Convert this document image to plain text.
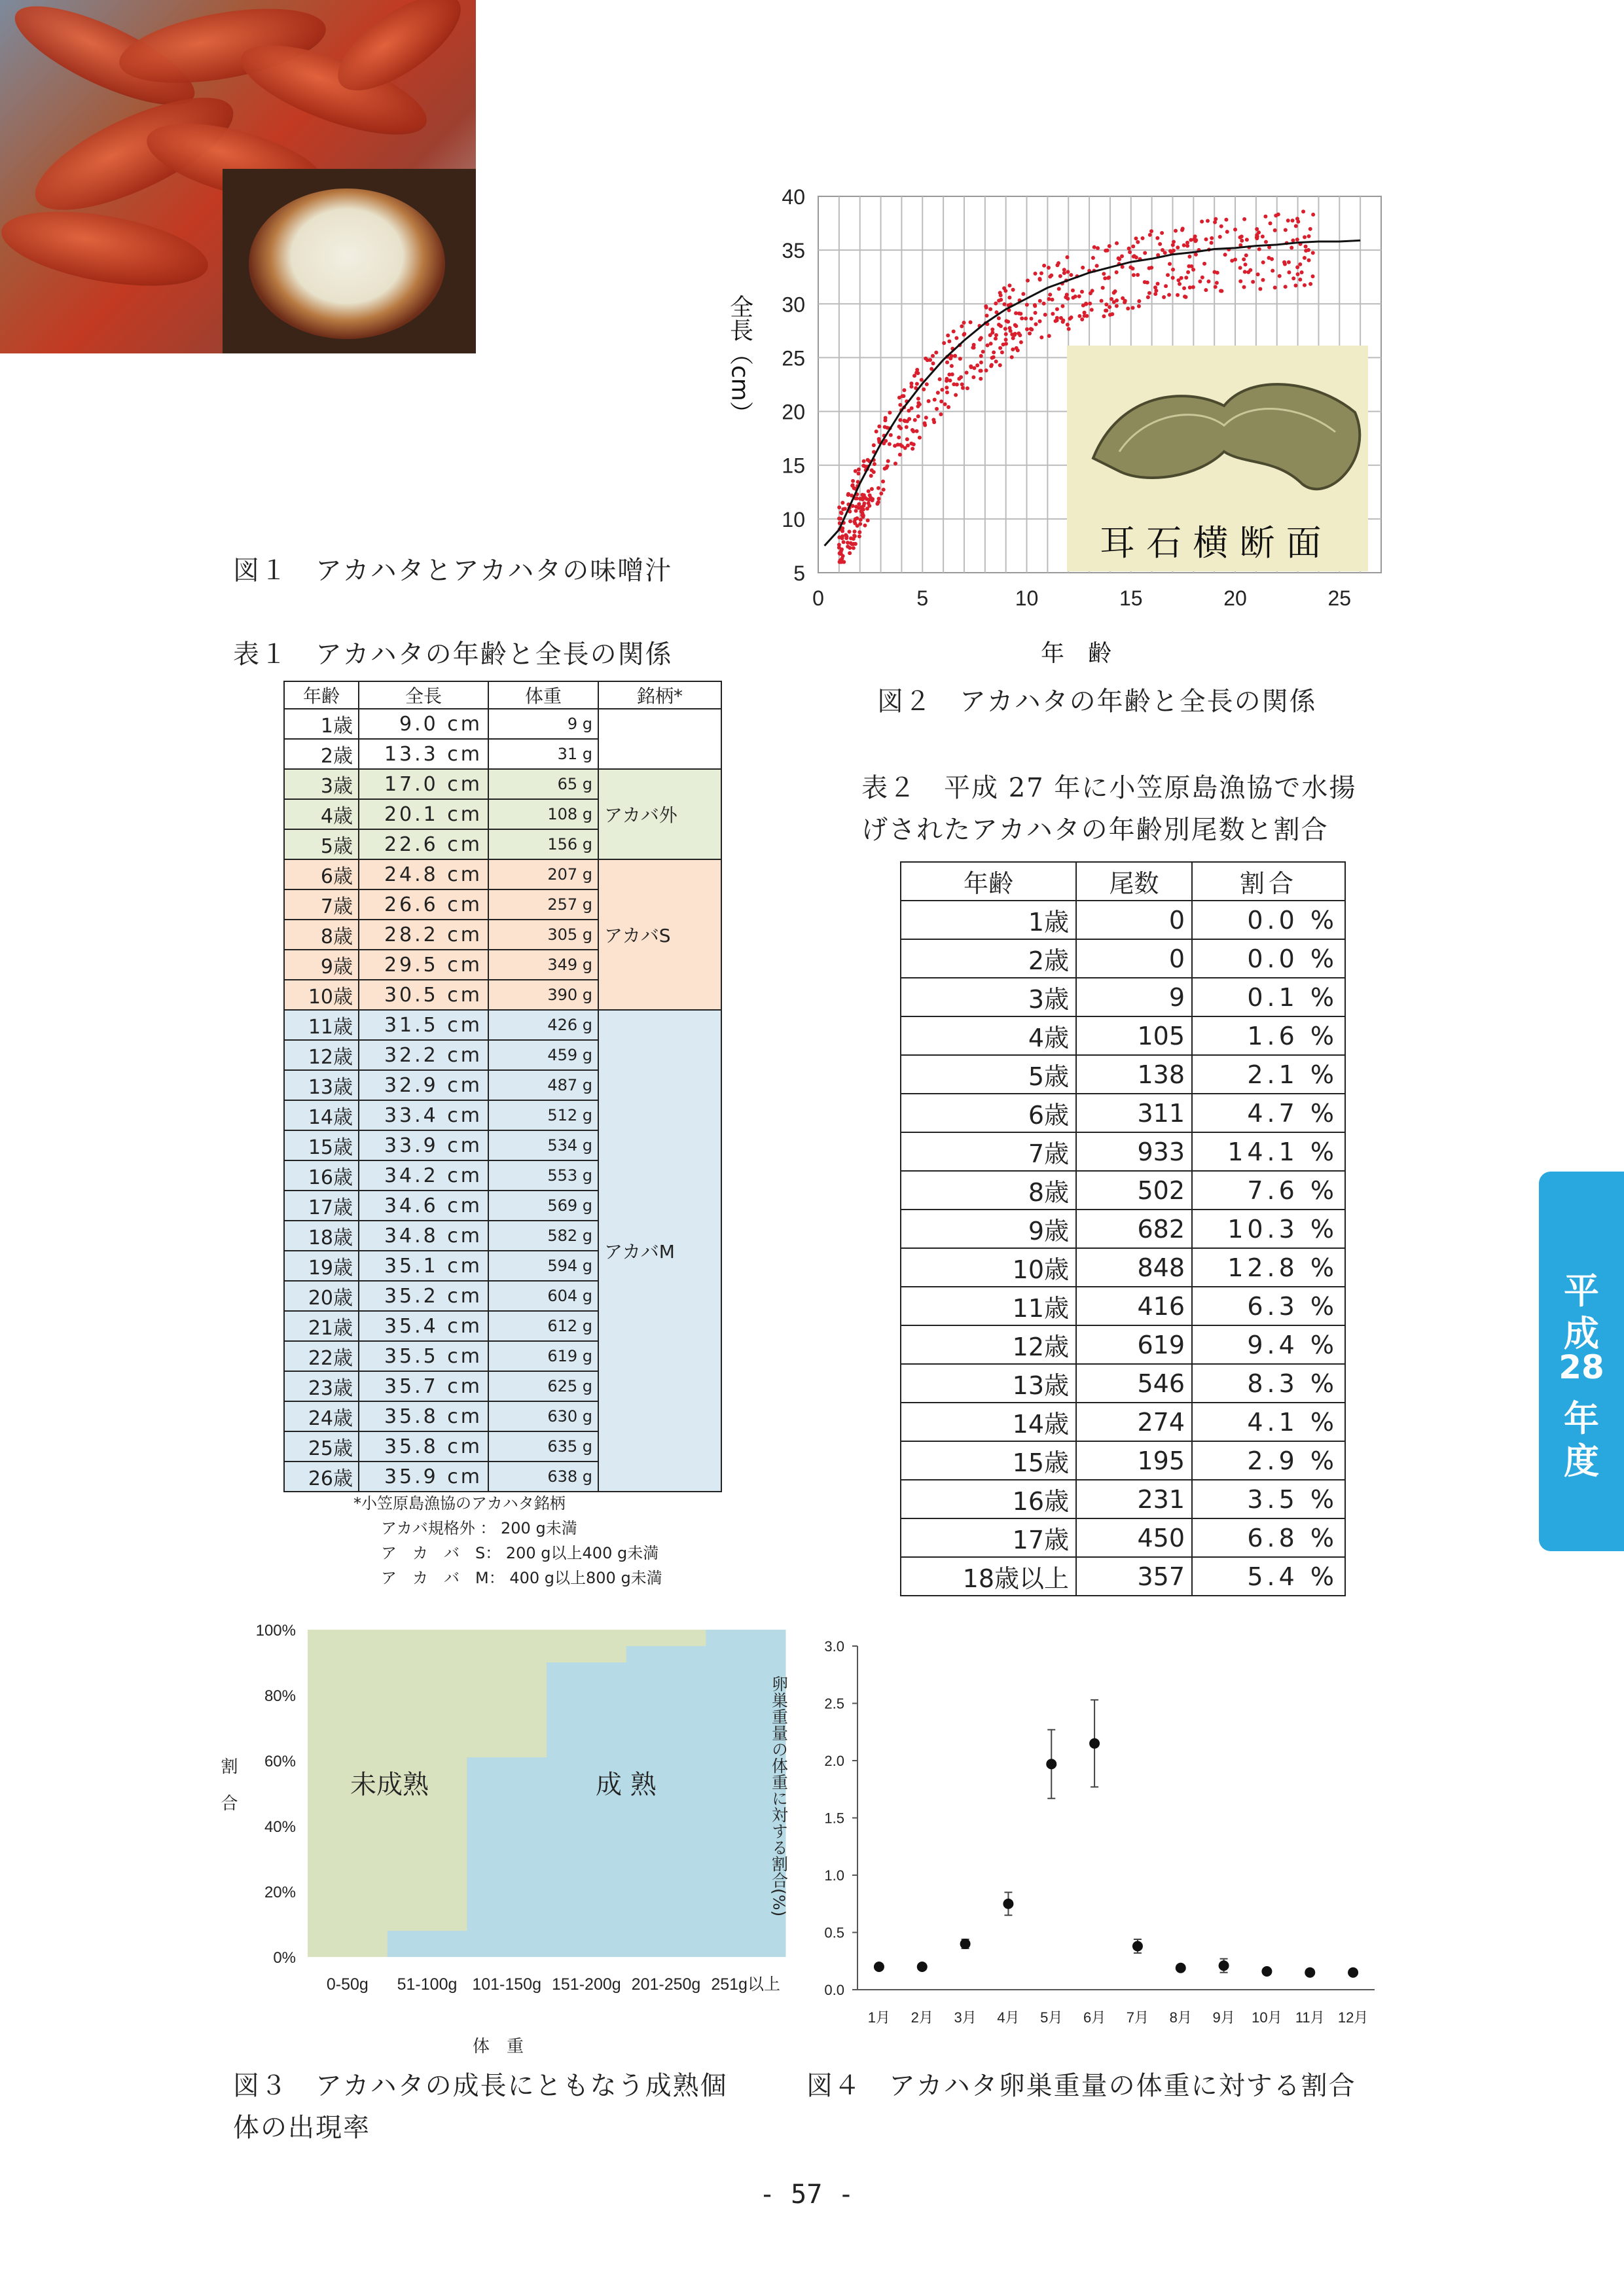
図１　アカハタとアカハタの味噌汁
40
35
30
25
20
15
10
5
0	5	10	15	20	25
耳 石 横 断 面
全長（cm）
年　齢
図２　アカハタの年齢と全長の関係
表１　アカハタの年齢と全長の関係
年齢	全長	体重	銘柄*
1歳	9.0 cm	9 g	
2歳	13.3 cm	31 g	
3歳	17.0 cm	65 g	アカバ外
4歳	20.1 cm	108 g	
5歳	22.6 cm	156 g	
6歳	24.8 cm	207 g	アカバS
7歳	26.6 cm	257 g	
8歳	28.2 cm	305 g	
9歳	29.5 cm	349 g	
10歳	30.5 cm	390 g	
11歳	31.5 cm	426 g	アカバM
12歳	32.2 cm	459 g	
13歳	32.9 cm	487 g	
14歳	33.4 cm	512 g	
15歳	33.9 cm	534 g	
16歳	34.2 cm	553 g	
17歳	34.6 cm	569 g	
18歳	34.8 cm	582 g	
19歳	35.1 cm	594 g	
20歳	35.2 cm	604 g	
21歳	35.4 cm	612 g	
22歳	35.5 cm	619 g	
23歳	35.7 cm	625 g	
24歳	35.8 cm	630 g	
25歳	35.8 cm	635 g	
26歳	35.9 cm	638 g	
*小笠原島漁協のアカハタ銘柄
アカバ規格外 ： 200 g未満
ア　カ　バ　S： 200 g以上400 g未満
ア　カ　バ　M： 400 g以上800 g未満
表２　平成 27 年に小笠原島漁協で水揚
げされたアカハタの年齢別尾数と割合
年齢	尾数	割合
1歳	0	0.0 %
2歳	0	0.0 %
3歳	9	0.1 %
4歳	105	1.6 %
5歳	138	2.1 %
6歳	311	4.7 %
7歳	933	14.1 %
8歳	502	7.6 %
9歳	682	10.3 %
10歳	848	12.8 %
11歳	416	6.3 %
12歳	619	9.4 %
13歳	546	8.3 %
14歳	274	4.1 %
15歳	195	2.9 %
16歳	231	3.5 %
17歳	450	6.8 %
18歳以上	357	5.4 %
100%
80%
60%
40%
20%
0%
0-50g 51-100g 101-150g 151-200g 201-250g 251g以上
未成熟	成 熟
割合
体　重
図３　アカハタの成長にともなう成熟個
体の出現率
3.0
2.5
2.0
1.5
1.0
0.5
0.0
1月 2月 3月 4月 5月 6月 7月 8月 9月 10月 11月 12月
卵巣重量の体重に対する割合(%)
図４　アカハタ卵巣重量の体重に対する割合
平
成
28
年
度
- 57 -
